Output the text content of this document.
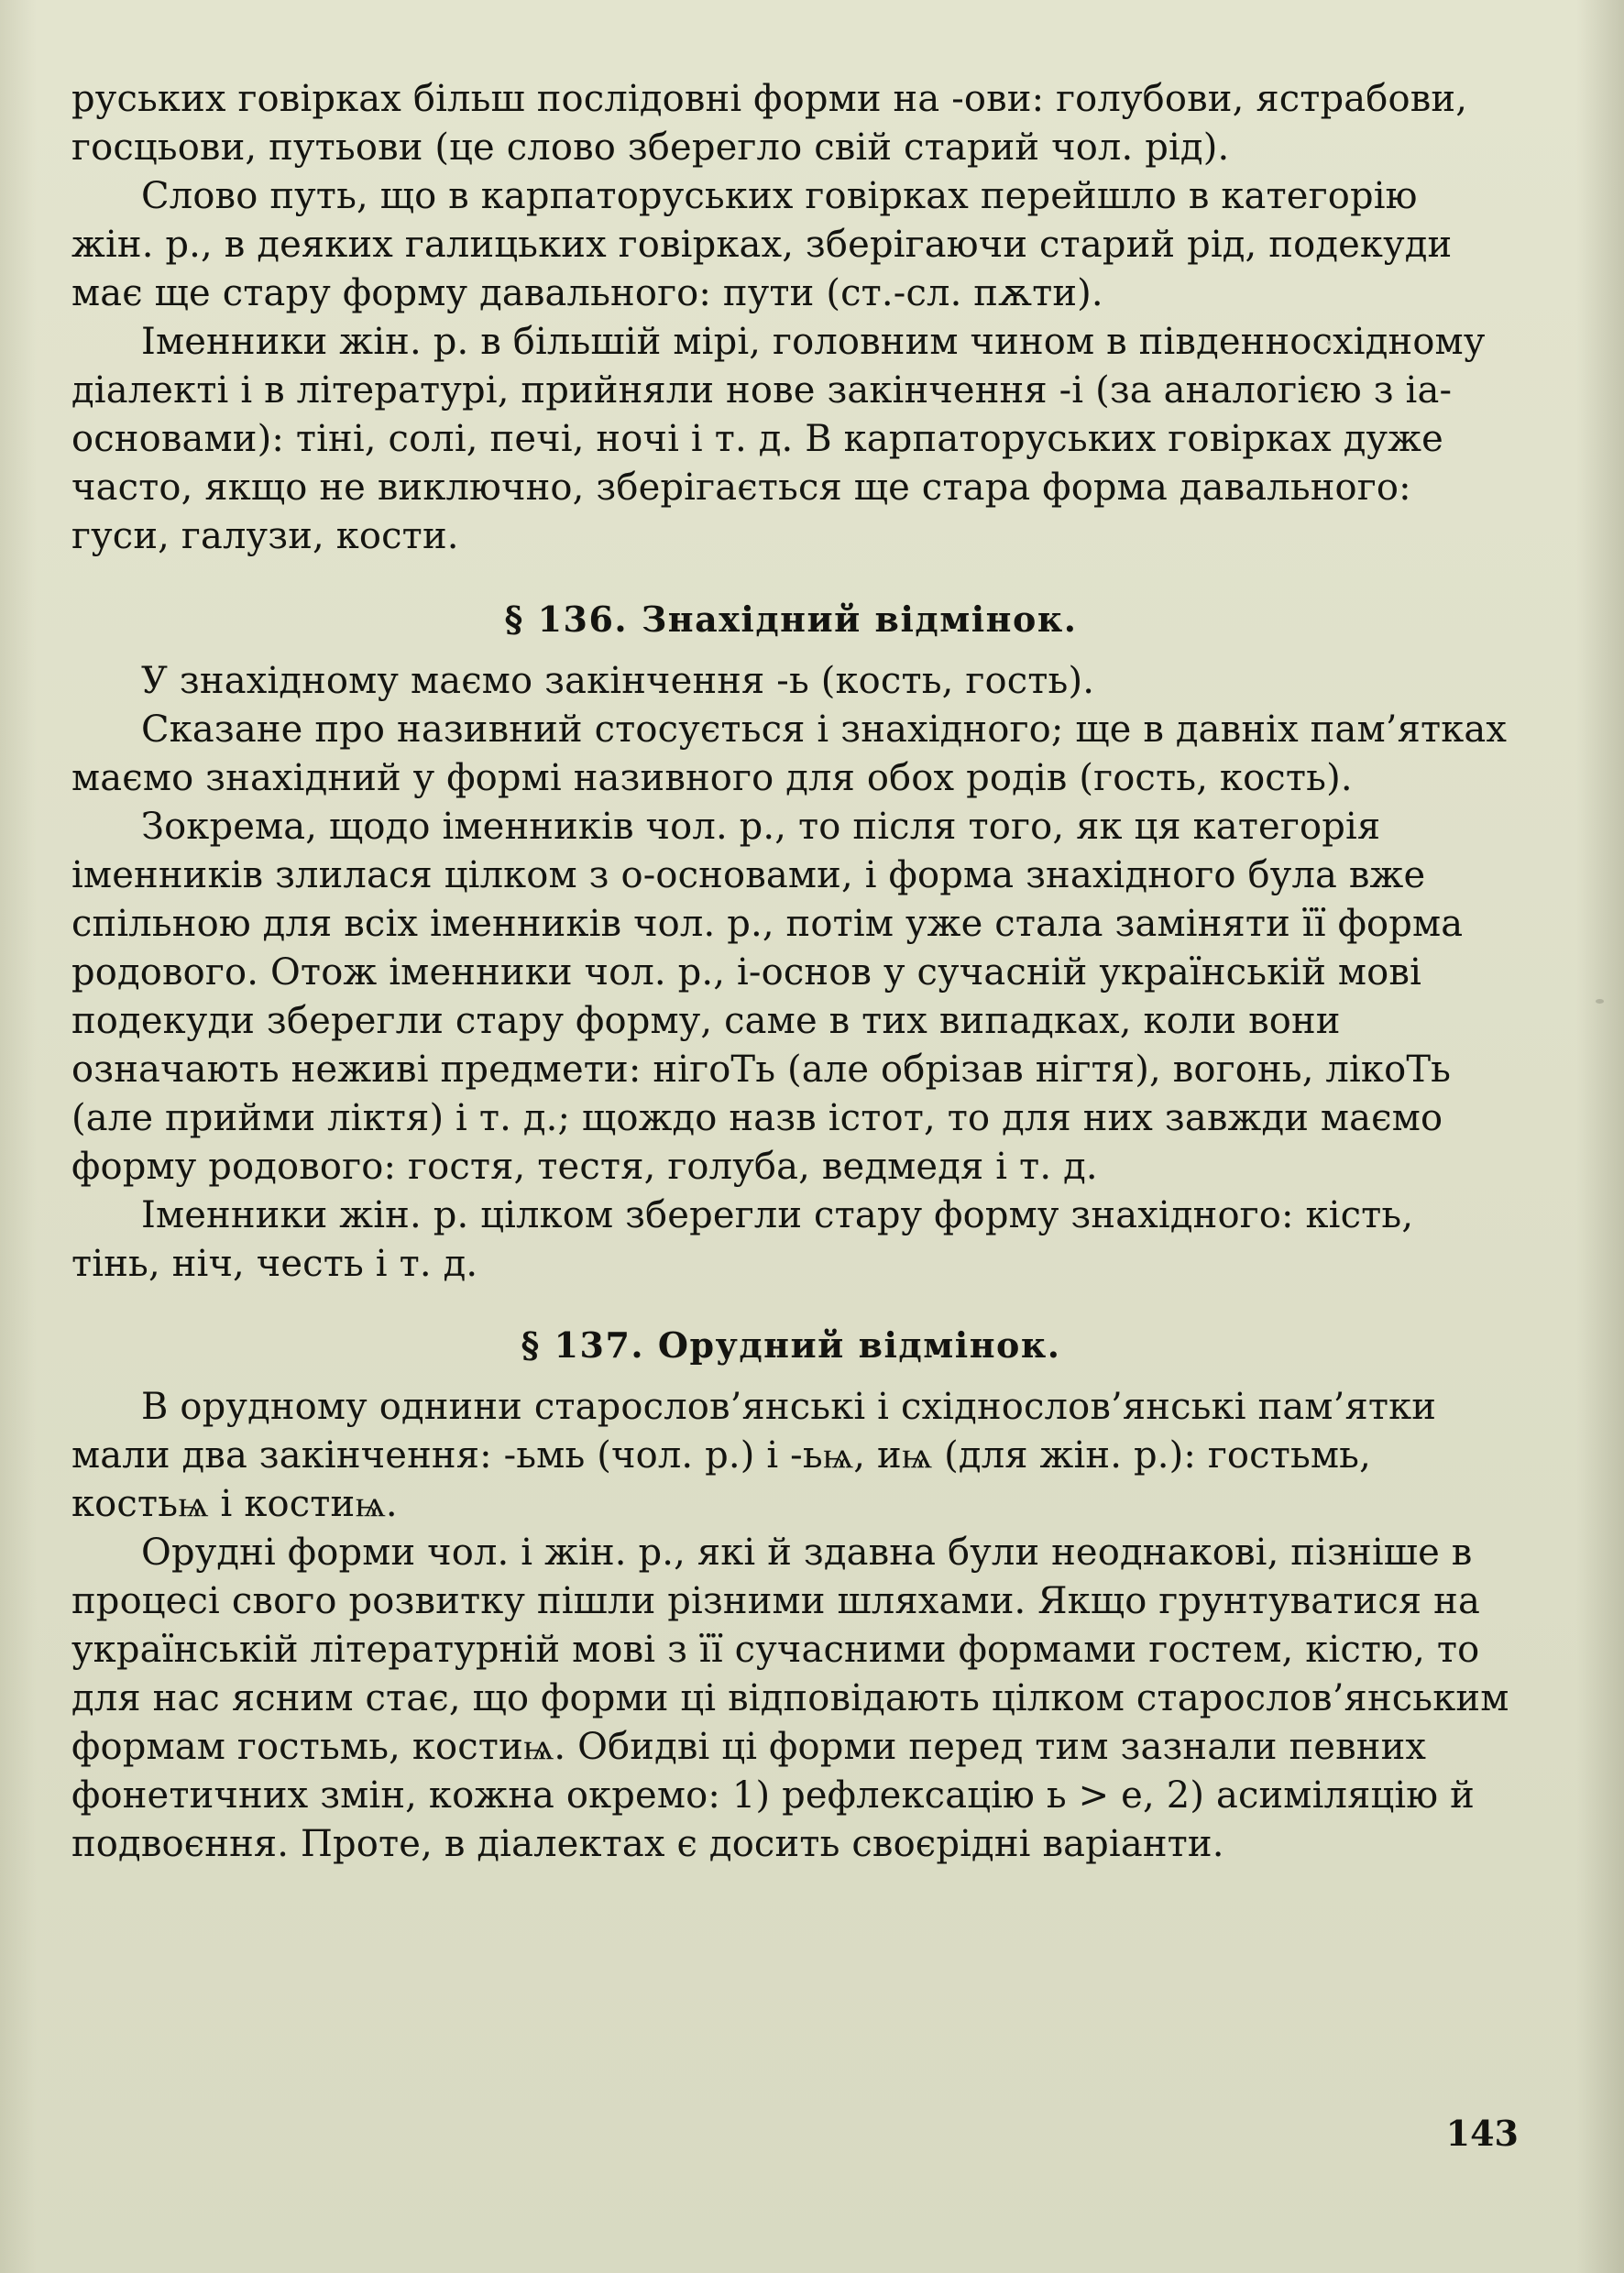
руських говірках більш послідовні форми на -ови: голубови, ястрабови, госцьови, путьови (це слово зберегло свій старий чол. рід).

Слово путь, що в карпаторуських говірках перейшло в категорію жін. р., в деяких галицьких говірках, зберігаючи старий рід, подекуди має ще стару форму давального: пути (ст.-сл. пѫти).

Іменники жін. р. в більшій мірі, головним чином в південносхідному діалекті і в літературі, прийняли нове закінчення -і (за аналогією з іа-основами): тіні, солі, печі, ночі і т. д. В карпаторуських говірках дуже часто, якщо не виключно, зберігається ще стара форма давального: гуси, галузи, кости.

§ 136. Знахідний відмінок.

У знахідному маємо закінчення -ь (кость, гость).

Сказане про називний стосується і знахідного; ще в давніх пам’ятках маємо знахідний у формі називного для обох родів (гость, кость).

Зокрема, щодо іменників чол. р., то після того, як ця категорія іменників злилася цілком з о-основами, і форма знахідного була вже спільною для всіх іменників чол. р., потім уже стала заміняти її форма родового. Отож іменники чол. р., і-основ у сучасній українській мові подекуди зберегли стару форму, саме в тих випадках, коли вони означають неживі предмети: нігоТь (але обрізав нігтя), вогонь, лікоТь (але прийми ліктя) і т. д.; щождо назв істот, то для них завжди маємо форму родового: гостя, тестя, голуба, ведмедя і т. д.

Іменники жін. р. цілком зберегли стару форму знахідного: кість, тінь, ніч, честь і т. д.

§ 137. Орудний відмінок.

В орудному однини старослов’янські і східнослов’янські пам’ятки мали два закінчення: -ьмь (чол. р.) і -ьѩ, иѩ (для жін. р.): гостьмь, костьѩ і костиѩ.

Орудні форми чол. і жін. р., які й здавна були неоднакові, пізніше в процесі свого розвитку пішли різними шляхами. Якщо грунтуватися на українській літературній мові з її сучасними формами гостем, кістю, то для нас ясним стає, що форми ці відповідають цілком старослов’янським формам гостьмь, костиѩ. Обидві ці форми перед тим зазнали певних фонетичних змін, кожна окремо: 1) рефлексацію ь > е, 2) асиміляцію й подвоєння. Проте, в діалектах є досить своєрідні варіанти.

143
